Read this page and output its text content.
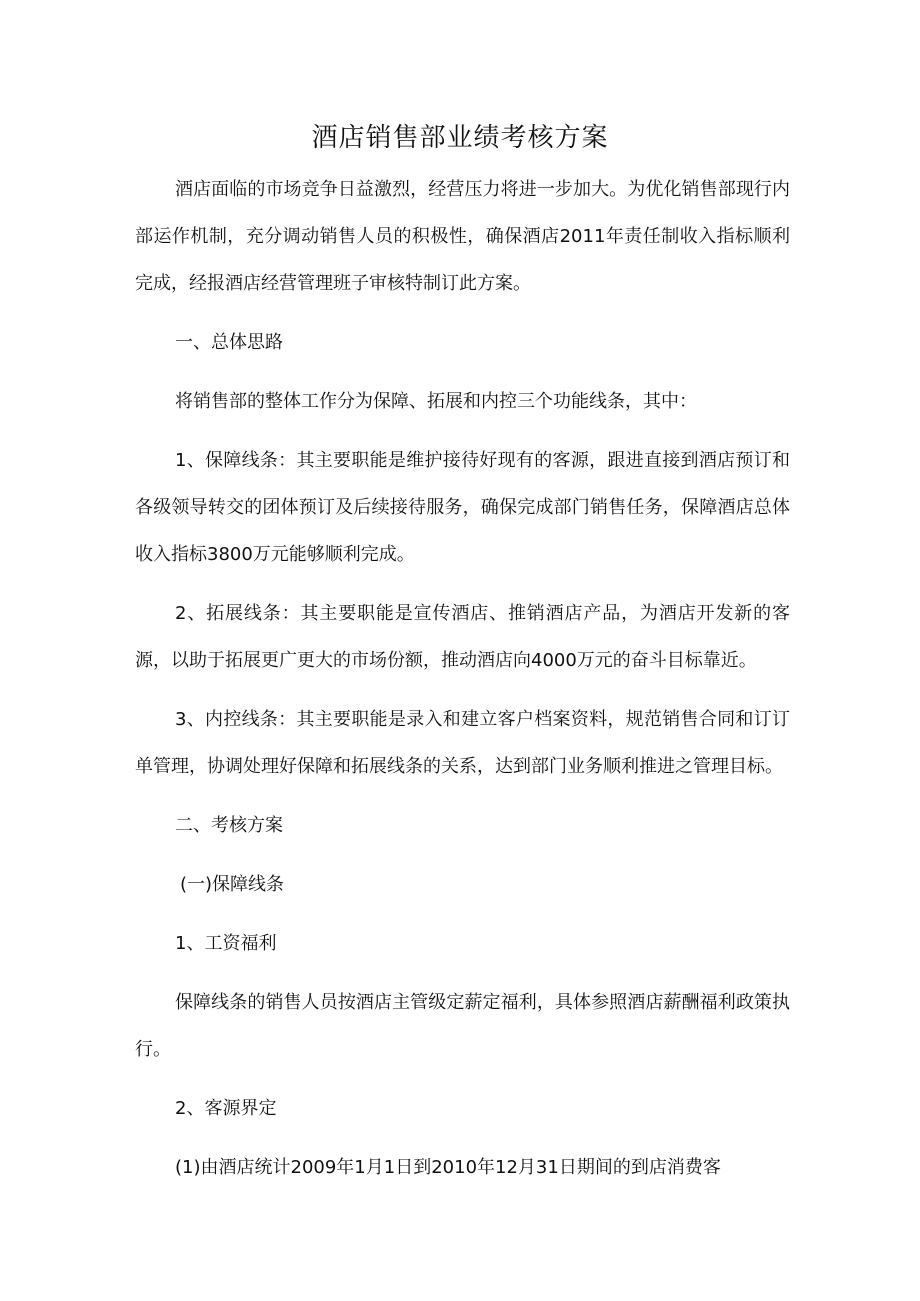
酒店销售部业绩考核方案

酒店面临的市场竞争日益激烈，经营压力将进一步加大。为优化销售部现行内部运作机制，充分调动销售人员的积极性，确保酒店2011年责任制收入指标顺利完成，经报酒店经营管理班子审核特制订此方案。

一、总体思路

将销售部的整体工作分为保障、拓展和内控三个功能线条，其中：

1、保障线条：其主要职能是维护接待好现有的客源，跟进直接到酒店预订和各级领导转交的团体预订及后续接待服务，确保完成部门销售任务，保障酒店总体收入指标3800万元能够顺利完成。

2、拓展线条：其主要职能是宣传酒店、推销酒店产品，为酒店开发新的客源，以助于拓展更广更大的市场份额，推动酒店向4000万元的奋斗目标靠近。

3、内控线条：其主要职能是录入和建立客户档案资料，规范销售合同和订订单管理，协调处理好保障和拓展线条的关系，达到部门业务顺利推进之管理目标。

二、考核方案

(一)保障线条

1、工资福利

保障线条的销售人员按酒店主管级定薪定福利，具体参照酒店薪酬福利政策执行。

2、客源界定

(1)由酒店统计2009年1月1日到2010年12月31日期间的到店消费客
